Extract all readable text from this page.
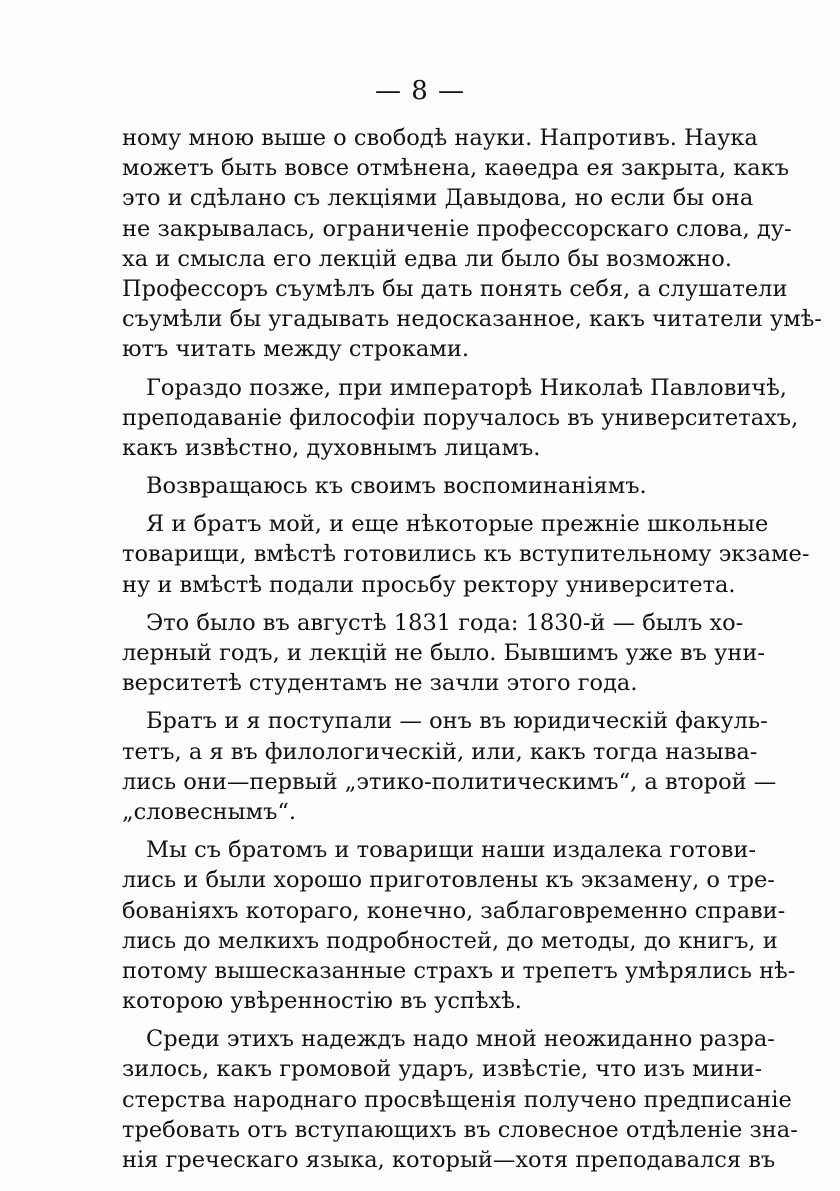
— 8 —
ному мною выше о свободѣ науки. Напротивъ. Наука
можетъ быть вовсе отмѣнена, каѳедра ея закрыта, какъ
это и сдѣлано съ лекціями Давыдова, но если бы она
не закрывалась, ограниченіе профессорскаго слова, ду-
ха и смысла его лекцій едва ли было бы возможно.
Профессоръ съумѣлъ бы дать понять себя, а слушатели
съумѣли бы угадывать недосказанное, какъ читатели умѣ-
ютъ читать между строками.
Гораздо позже, при императорѣ Николаѣ Павловичѣ,
преподаваніе философіи поручалось въ университетахъ,
какъ извѣстно, духовнымъ лицамъ.
Возвращаюсь къ своимъ воспоминаніямъ.
Я и братъ мой, и еще нѣкоторые прежніе школьные
товарищи, вмѣстѣ готовились къ вступительному экзаме-
ну и вмѣстѣ подали просьбу ректору университета.
Это было въ августѣ 1831 года: 1830-й — былъ хо-
лерный годъ, и лекцій не было. Бывшимъ уже въ уни-
верситетѣ студентамъ не зачли этого года.
Братъ и я поступали — онъ въ юридическій факуль-
тетъ, а я въ филологическій, или, какъ тогда называ-
лись они—первый „этико-политическимъ“, а второй —
„словеснымъ“.
Мы съ братомъ и товарищи наши издалека готови-
лись и были хорошо приготовлены къ экзамену, о тре-
бованіяхъ котораго, конечно, заблаговременно справи-
лись до мелкихъ подробностей, до методы, до книгъ, и
потому вышесказанные страхъ и трепетъ умѣрялись нѣ-
которою увѣренностію въ успѣхѣ.
Среди этихъ надеждъ надо мной неожиданно разра-
зилось, какъ громовой ударъ, извѣстіе, что изъ мини-
стерства народнаго просвѣщенія получено предписаніе
требовать отъ вступающихъ въ словесное отдѣленіе зна-
нія греческаго языка, который—хотя преподавался въ
